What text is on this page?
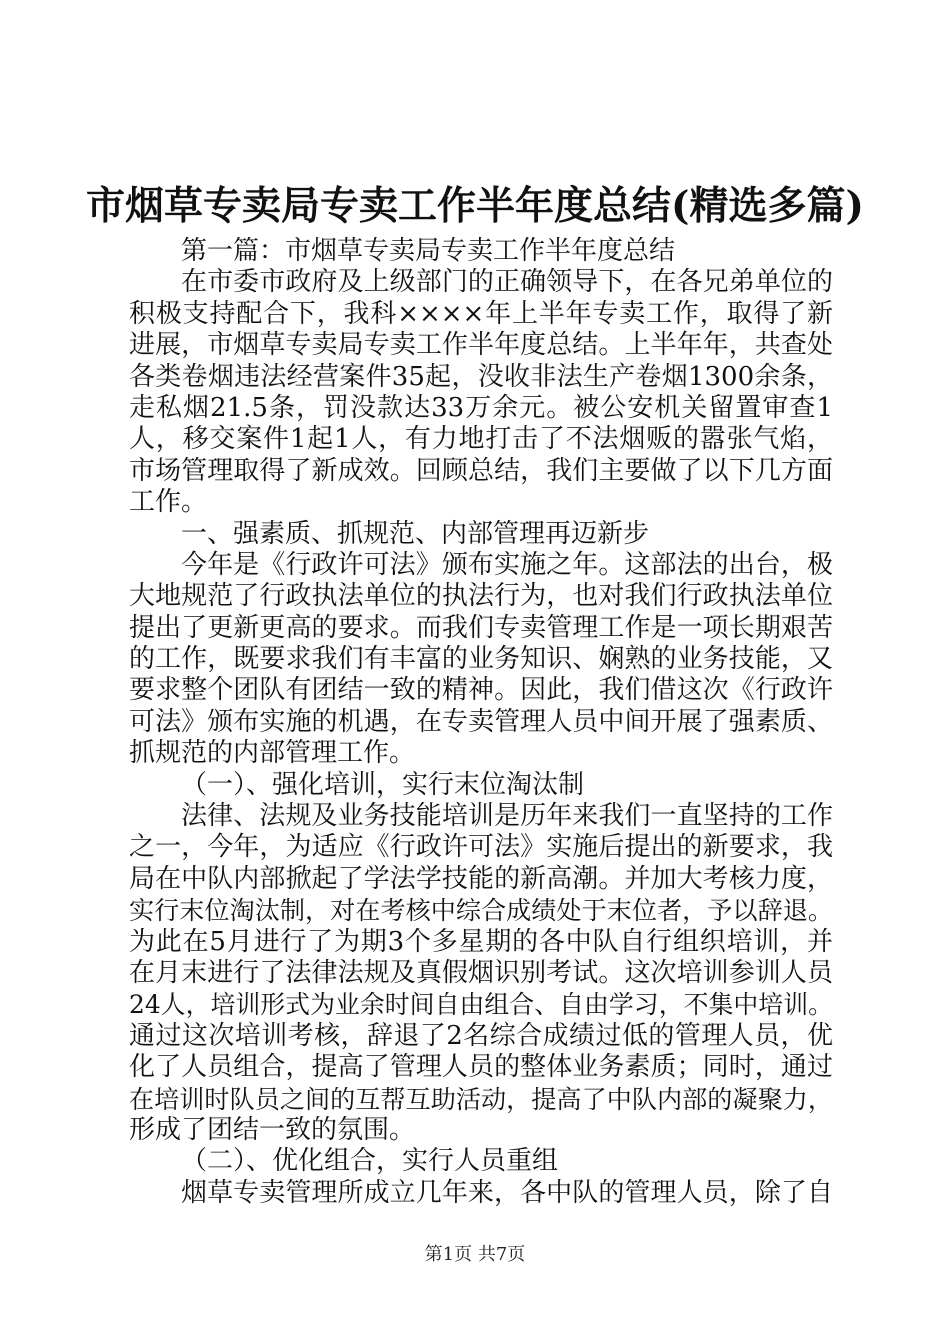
市烟草专卖局专卖工作半年度总结(精选多篇)
第一篇：市烟草专卖局专卖工作半年度总结
在市委市政府及上级部门的正确领导下，在各兄弟单位的
积极支持配合下，我科××××年上半年专卖工作，取得了新
进展，市烟草专卖局专卖工作半年度总结。上半年年，共查处
各类卷烟违法经营案件35起，没收非法生产卷烟1300余条，
走私烟21.5条，罚没款达33万余元。被公安机关留置审查1
人，移交案件1起1人，有力地打击了不法烟贩的嚣张气焰，
市场管理取得了新成效。回顾总结，我们主要做了以下几方面
工作。
一、强素质、抓规范、内部管理再迈新步
今年是《行政许可法》颁布实施之年。这部法的出台，极
大地规范了行政执法单位的执法行为，也对我们行政执法单位
提出了更新更高的要求。而我们专卖管理工作是一项长期艰苦
的工作，既要求我们有丰富的业务知识、娴熟的业务技能，又
要求整个团队有团结一致的精神。因此，我们借这次《行政许
可法》颁布实施的机遇，在专卖管理人员中间开展了强素质、
抓规范的内部管理工作。
（一）、强化培训，实行末位淘汰制
法律、法规及业务技能培训是历年来我们一直坚持的工作
之一，今年，为适应《行政许可法》实施后提出的新要求，我
局在中队内部掀起了学法学技能的新高潮。并加大考核力度，
实行末位淘汰制，对在考核中综合成绩处于末位者，予以辞退。
为此在5月进行了为期3个多星期的各中队自行组织培训，并
在月末进行了法律法规及真假烟识别考试。这次培训参训人员
24人，培训形式为业余时间自由组合、自由学习，不集中培训。
通过这次培训考核，辞退了2名综合成绩过低的管理人员，优
化了人员组合，提高了管理人员的整体业务素质；同时，通过
在培训时队员之间的互帮互助活动，提高了中队内部的凝聚力，
形成了团结一致的氛围。
（二）、优化组合，实行人员重组
烟草专卖管理所成立几年来，各中队的管理人员，除了自
第1页 共7页
